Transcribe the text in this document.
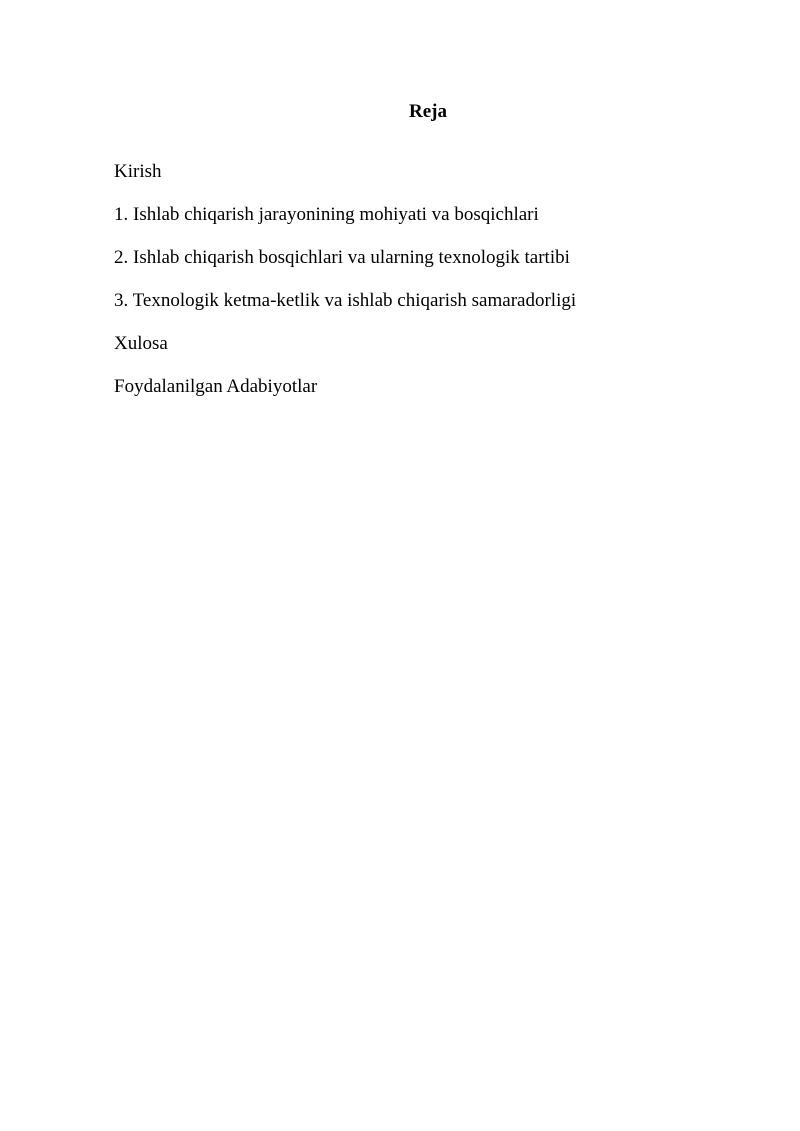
Reja
Kirish
1. Ishlab chiqarish jarayonining mohiyati va bosqichlari
2. Ishlab chiqarish bosqichlari va ularning texnologik tartibi
3. Texnologik ketma-ketlik va ishlab chiqarish samaradorligi
Xulosa
Foydalanilgan Adabiyotlar
